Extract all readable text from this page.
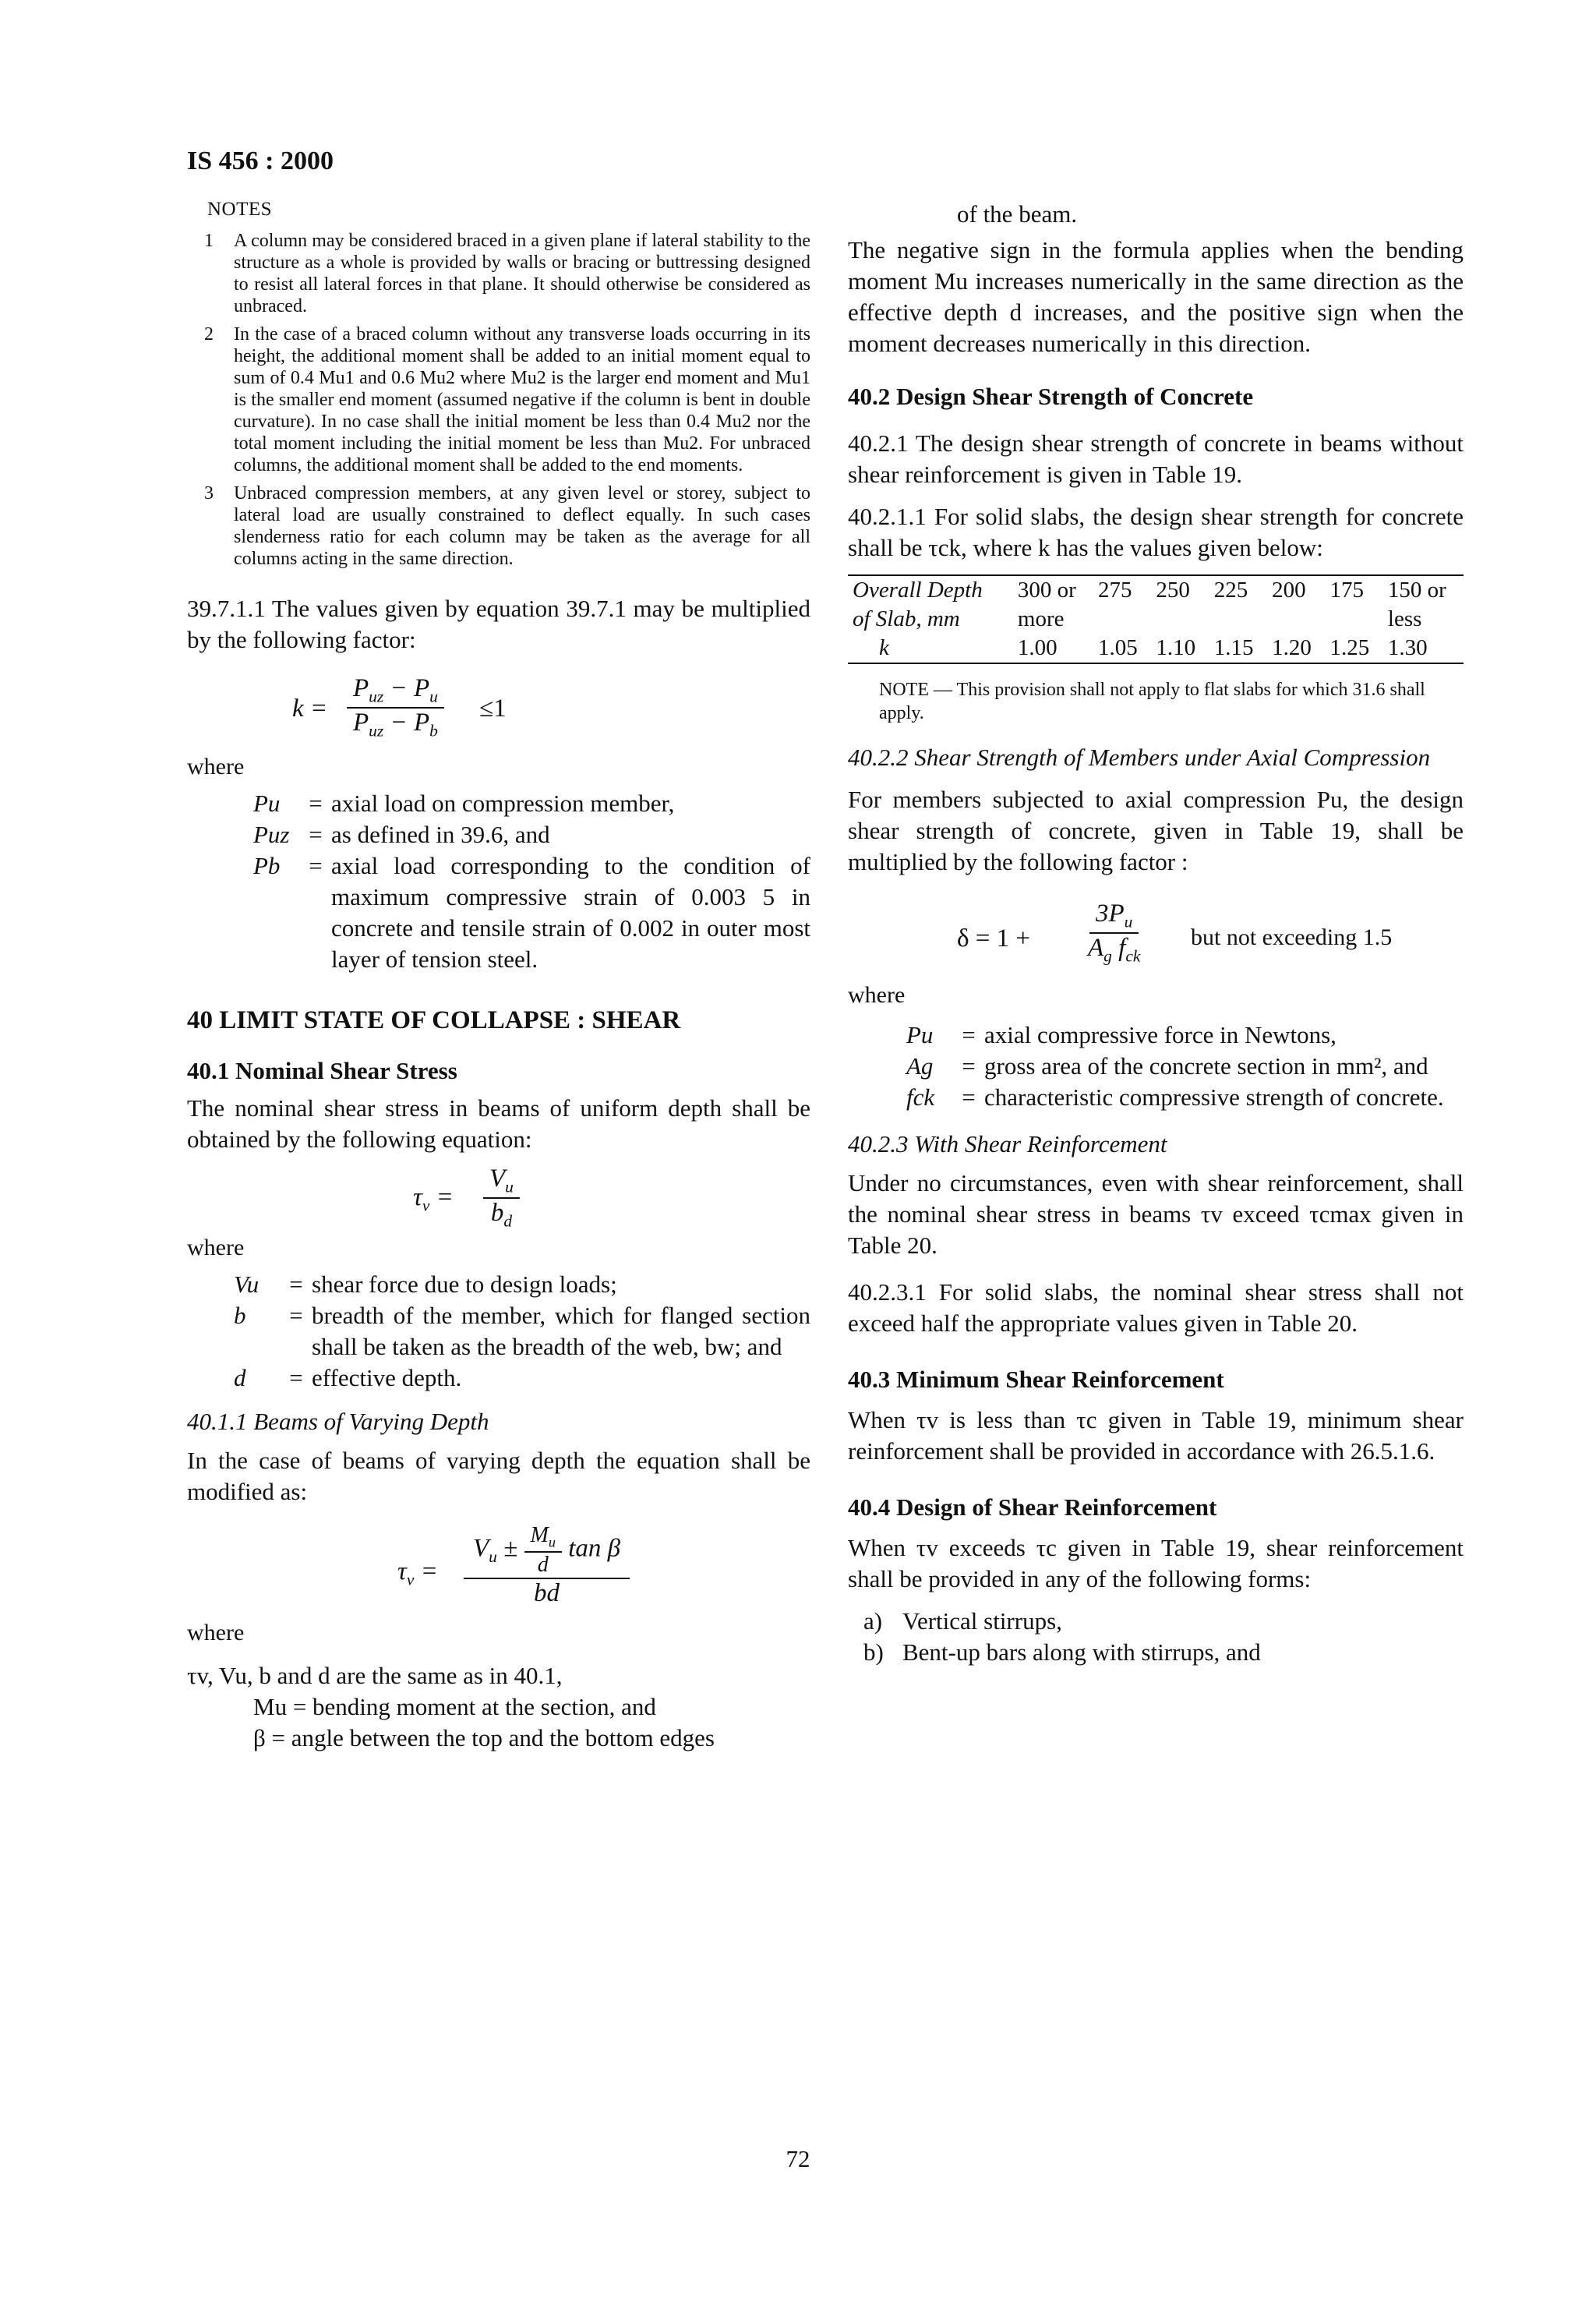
IS 456 : 2000
NOTES
1	A column may be considered braced in a given plane if lateral stability to the structure as a whole is provided by walls or bracing or buttressing designed to resist all lateral forces in that plane. It should otherwise be considered as unbraced.
2	In the case of a braced column without any transverse loads occurring in its height, the additional moment shall be added to an initial moment equal to sum of 0.4 Mu1 and 0.6 Mu2 where Mu2 is the larger end moment and Mu1 is the smaller end moment (assumed negative if the column is bent in double curvature). In no case shall the initial moment be less than 0.4 Mu2 nor the total moment including the initial moment be less than Mu2. For unbraced columns, the additional moment shall be added to the end moments.
3	Unbraced compression members, at any given level or storey, subject to lateral load are usually constrained to deflect equally. In such cases slenderness ratio for each column may be taken as the average for all columns acting in the same direction.

39.7.1.1 The values given by equation 39.7.1 may be multiplied by the following factor:

k =
$P_{uz} - P_u$
$P_{uz} - P_b$
≤1
where
Pu	= axial load on compression member,
Puz = as defined in 39.6, and
Pb	= axial load corresponding to the condition of maximum compressive strain of 0.003 5 in concrete and tensile strain of 0.002 in outer most layer of tension steel.
40 LIMIT STATE OF COLLAPSE : SHEAR
40.1 Nominal Shear Stress

The nominal shear stress in beams of uniform depth shall be obtained by the following equation:

$\tau_v = \frac{V_u}{b_d}$
where
Vu	= shear force due to design loads;
b	= breadth of the member, which for flanged section shall be taken as the breadth of the web, bw; and
d	= effective depth.
40.1.1 Beams of Varying Depth

In the case of beams of varying depth the equation shall be modified as:

$\tau_v$ =
$V_u \pm \frac{M_u}{d}$ tan β
bd
where
τv, Vu, b and d are the same as in 40.1,
Mu = bending moment at the section, and
β = angle between the top and the bottom edges
of the beam.

The negative sign in the formula applies when the bending moment Mu increases numerically in the same direction as the effective depth d increases, and the positive sign when the moment decreases numerically in this direction.

40.2 Design Shear Strength of Concrete

40.2.1 The design shear strength of concrete in beams without shear reinforcement is given in Table 19.

40.2.1.1 For solid slabs, the design shear strength for concrete shall be τck, where k has the values given below:

Overall Depth	300 or	275	250	225	200	175	150 or
of Slab, mm	more						less
k	1.00	1.05	1.10	1.15	1.20	1.25	1.30

NOTE — This provision shall not apply to flat slabs for which 31.6 shall apply.

40.2.2 Shear Strength of Members under Axial Compression

For members subjected to axial compression Pu, the design shear strength of concrete, given in Table 19, shall be multiplied by the following factor :

δ = 1 +
$3P_u$
$A_g$ $f_{ck}$
but not exceeding 1.5
where
Pu	= axial compressive force in Newtons,
Ag	= gross area of the concrete section in mm², and
fck	= characteristic compressive strength of concrete.
40.2.3 With Shear Reinforcement

Under no circumstances, even with shear reinforcement, shall the nominal shear stress in beams τv exceed τcmax given in Table 20.

40.2.3.1 For solid slabs, the nominal shear stress shall not exceed half the appropriate values given in Table 20.

40.3 Minimum Shear Reinforcement

When τv is less than τc given in Table 19, minimum shear reinforcement shall be provided in accordance with 26.5.1.6.

40.4 Design of Shear Reinforcement

When τv exceeds τc given in Table 19, shear reinforcement shall be provided in any of the following forms:

a) Vertical stirrups,
b) Bent-up bars along with stirrups, and
72
